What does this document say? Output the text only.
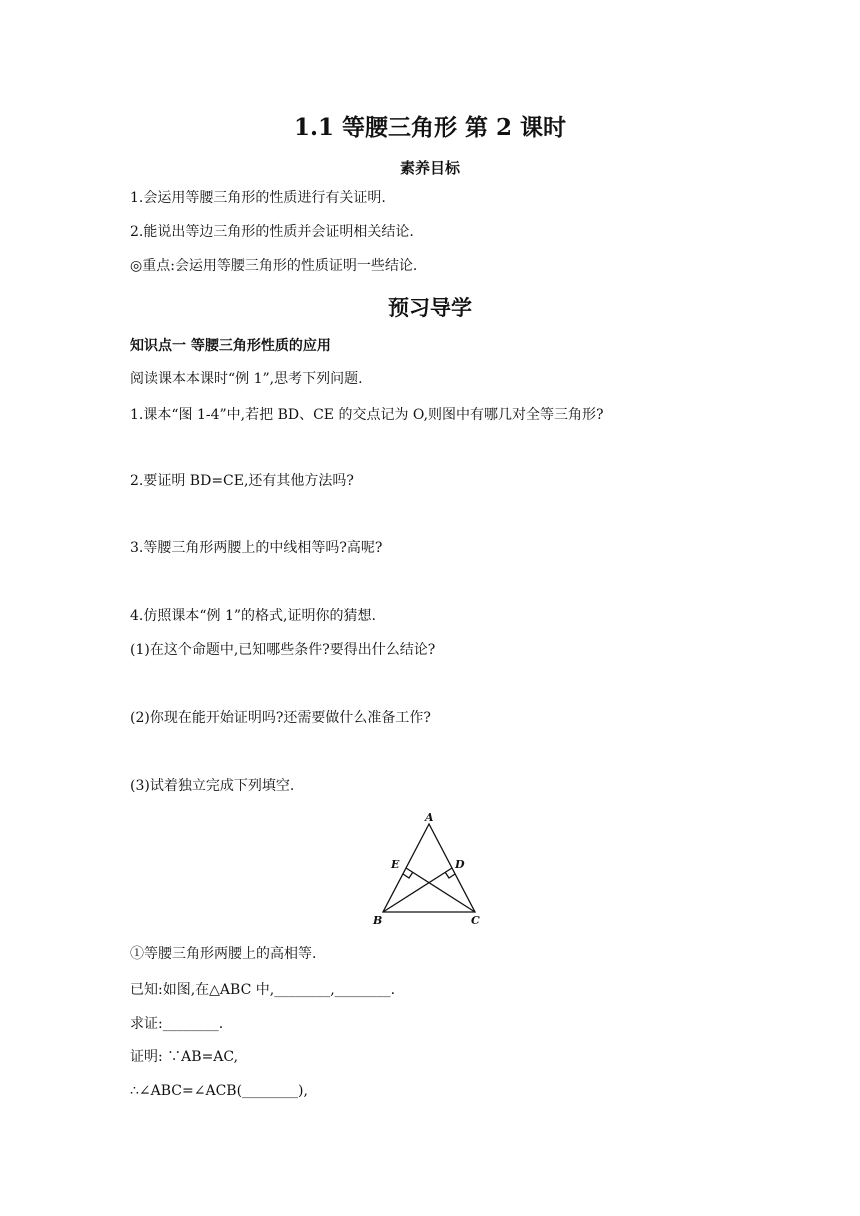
1.1 等腰三角形 第 2 课时
素养目标
1.会运用等腰三角形的性质进行有关证明.
2.能说出等边三角形的性质并会证明相关结论.
◎重点:会运用等腰三角形的性质证明一些结论.
预习导学
知识点一 等腰三角形性质的应用
阅读课本本课时“例 1”,思考下列问题.
1.课本“图 1-4”中,若把 BD、CE 的交点记为 O,则图中有哪几对全等三角形?
2.要证明 BD=CE,还有其他方法吗?
3.等腰三角形两腰上的中线相等吗?高呢?
4.仿照课本“例 1”的格式,证明你的猜想.
(1)在这个命题中,已知哪些条件?要得出什么结论?
(2)你现在能开始证明吗?还需要做什么准备工作?
(3)试着独立完成下列填空.
A
B	C
D
E
①等腰三角形两腰上的高相等.
已知:如图,在△ABC 中,________,________.
求证:________.
证明: ∵AB=AC,
∴∠ABC=∠ACB(________),
